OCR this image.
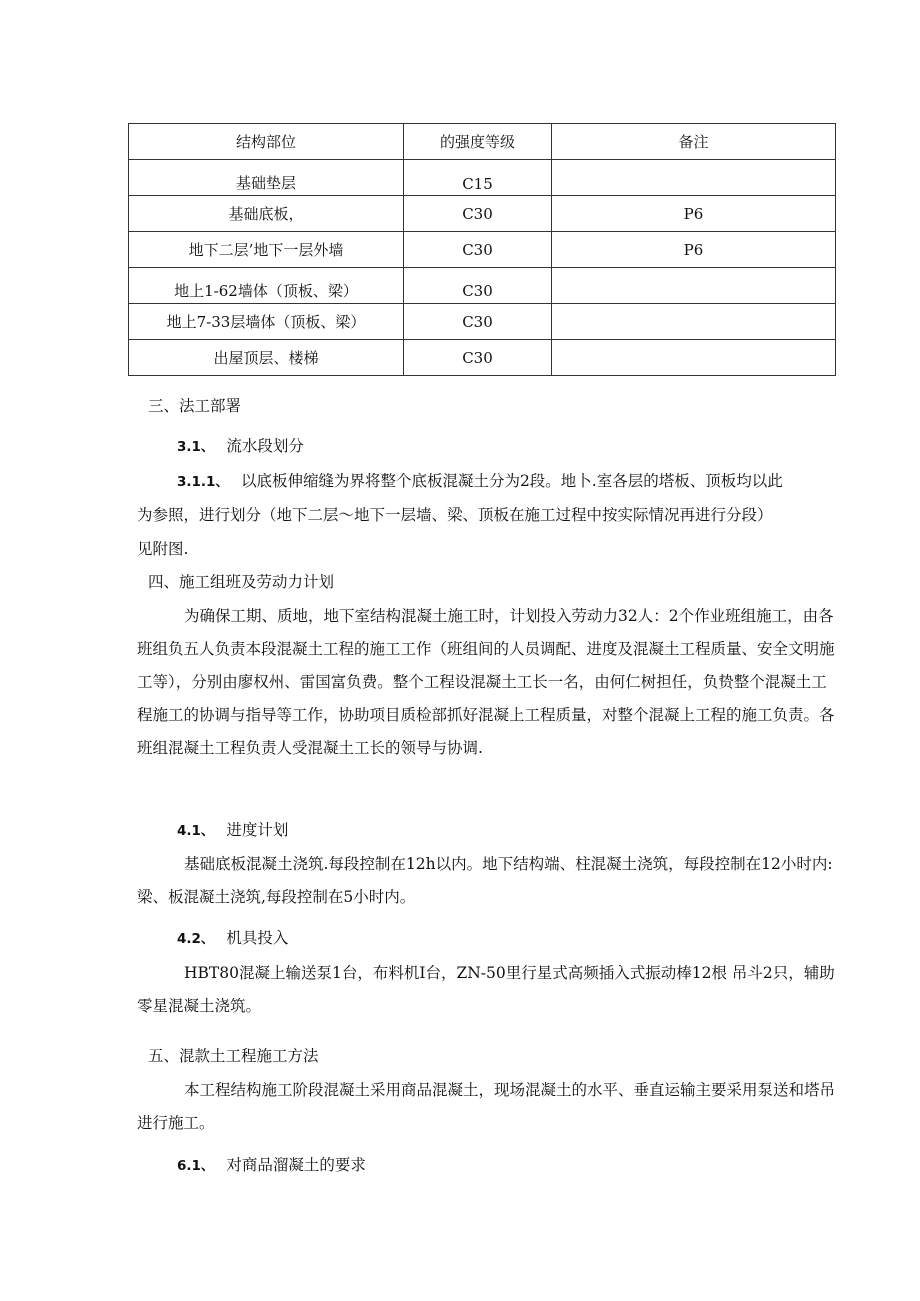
结构部位	的强度等级	备注

基础垫层	C15	

基础底板，	C30	P6

地下二层’地下一层外墙	C30	P6

地上1-62墙体（顶板、梁）	C30	

地上7-33层墙体（顶板、梁）	C30	

出屋顶层、楼梯	C30	

三、法工部署
3.1、 流水段划分
3.1.1、 以底板伸缩缝为界将整个底板混凝土分为2段。地卜.室各层的塔板、顶板均以此
为参照，进行划分（地下二层～地下一层墙、梁、顶板在施工过程中按实际情况再进行分段）
见附图.
四、施工组班及劳动力计划
为确保工期、质地，地下室结构混凝土施工时，计划投入劳动力32人：2个作业班组施工，由各班组负五人负责本段混凝土工程的施工工作（班组间的人员调配、进度及混凝土工程质量、安全文明施工等），分别由廖权州、雷国富负费。整个工程设混凝土工长一名，由何仁树担任，负贽整个混凝土工程施工的协调与指导等工作，协助项目质检部抓好混凝上工程质量，对整个混凝上工程的施工负责。各班组混凝土工程负责人受混凝土工长的领导与协调.
4.1、 进度计划
基础底板混凝土浇筑.每段控制在12h以内。地下结构端、柱混凝土浇筑，每段控制在12小时内:梁、板混凝土浇筑,每段控制在5小时内。
4.2、 机具投入
HBT80混凝上输送泵1台，布料机I台，ZN-50里行星式高频插入式振动棒12根 吊斗2只，辅助零星混凝土浇筑。
五、混款土工程施工方法
本工程结构施工阶段混凝土采用商品混凝土，现场混凝土的水平、垂直运输主要采用泵送和塔吊进行施工。
6.1、 对商品溜凝土的要求
